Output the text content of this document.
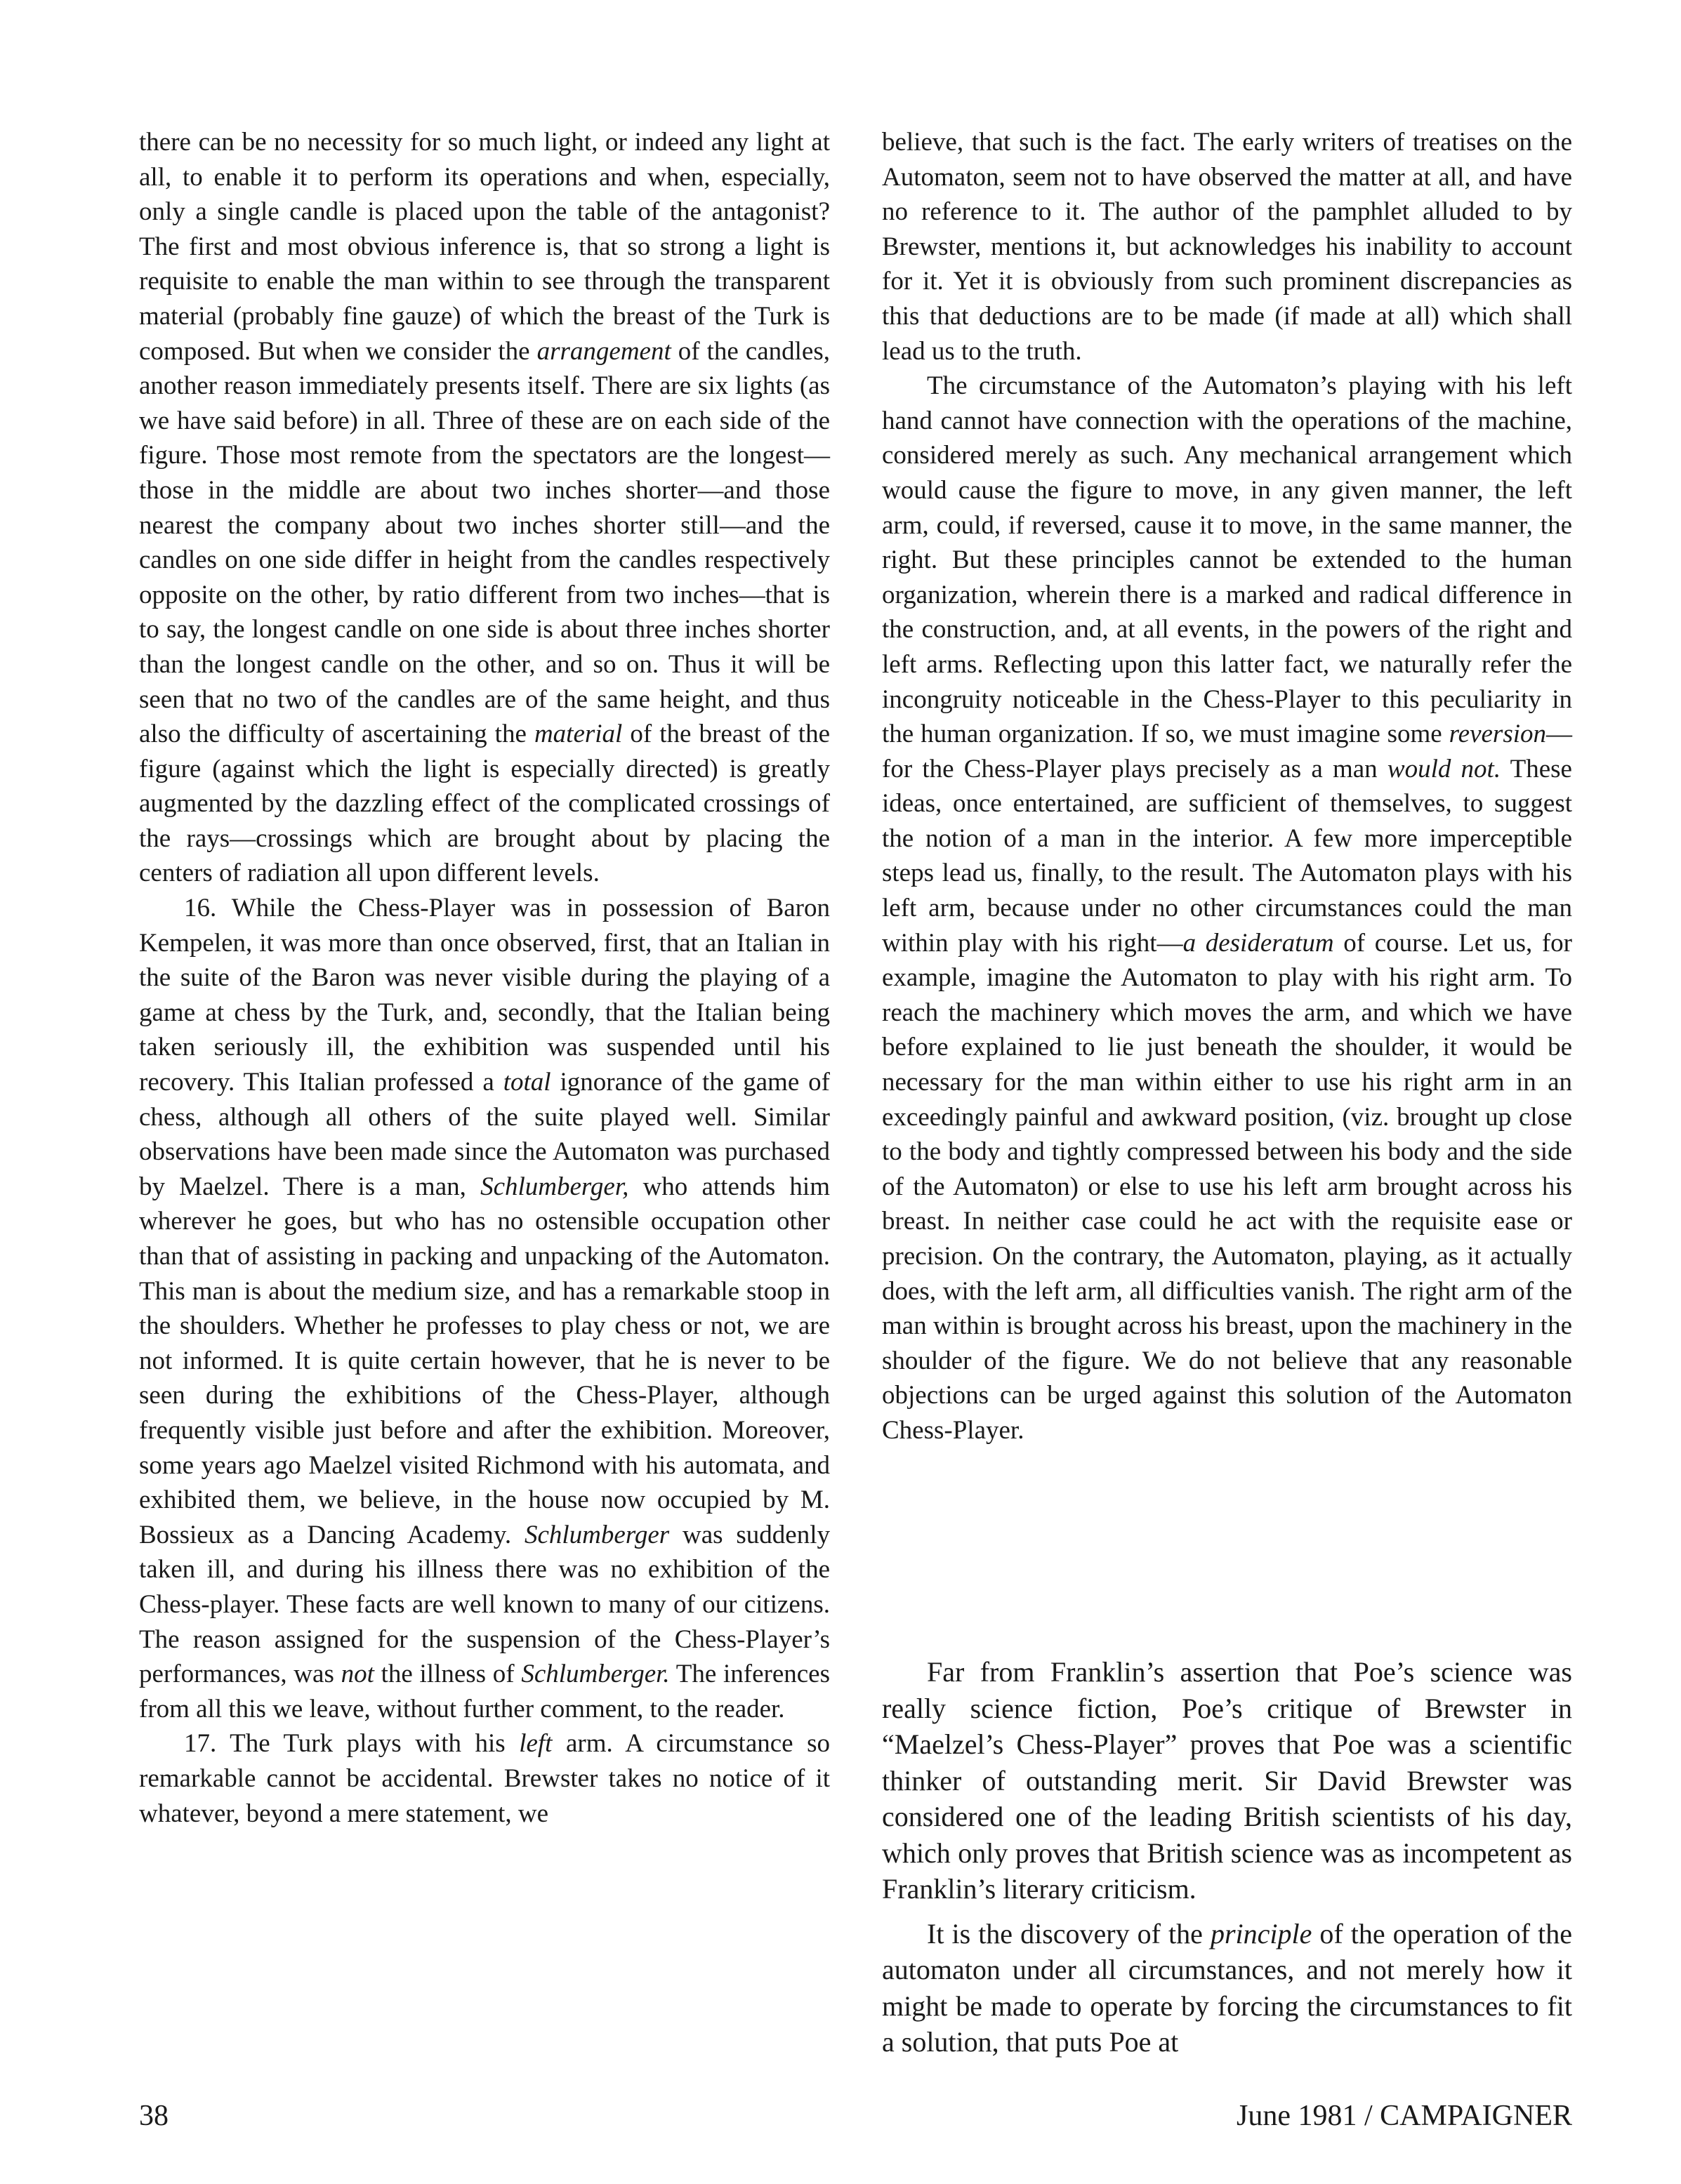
there can be no necessity for so much light, or indeed any light at all, to enable it to perform its operations and when, especially, only a single candle is placed upon the table of the antagonist? The first and most obvious inference is, that so strong a light is requisite to enable the man within to see through the transparent material (probably fine gauze) of which the breast of the Turk is composed. But when we consider the arrangement of the candles, another reason immediately presents itself. There are six lights (as we have said before) in all. Three of these are on each side of the figure. Those most remote from the spectators are the longest—those in the middle are about two inches shorter—and those nearest the company about two inches shorter still—and the candles on one side differ in height from the candles respectively opposite on the other, by ratio different from two inches—that is to say, the longest candle on one side is about three inches shorter than the longest candle on the other, and so on. Thus it will be seen that no two of the candles are of the same height, and thus also the difficulty of ascertaining the material of the breast of the figure (against which the light is especially directed) is greatly augmented by the dazzling effect of the complicated crossings of the rays—crossings which are brought about by placing the centers of radiation all upon different levels.

16. While the Chess-Player was in possession of Baron Kempelen, it was more than once observed, first, that an Italian in the suite of the Baron was never visible during the playing of a game at chess by the Turk, and, secondly, that the Italian being taken seriously ill, the exhibition was suspended until his recovery. This Italian professed a total ignorance of the game of chess, although all others of the suite played well. Similar observations have been made since the Automaton was purchased by Maelzel. There is a man, Schlumberger, who attends him wherever he goes, but who has no ostensible occupation other than that of assisting in packing and unpacking of the Automaton. This man is about the medium size, and has a remarkable stoop in the shoulders. Whether he professes to play chess or not, we are not informed. It is quite certain however, that he is never to be seen during the exhibitions of the Chess-Player, although frequently visible just before and after the exhibition. Moreover, some years ago Maelzel visited Richmond with his automata, and exhibited them, we believe, in the house now occupied by M. Bossieux as a Dancing Academy. Schlumberger was suddenly taken ill, and during his illness there was no exhibition of the Chess-player. These facts are well known to many of our citizens. The reason assigned for the suspension of the Chess-Player’s performances, was not the illness of Schlumberger. The inferences from all this we leave, without further comment, to the reader.

17. The Turk plays with his left arm. A circumstance so remarkable cannot be accidental. Brewster takes no notice of it whatever, beyond a mere statement, we

believe, that such is the fact. The early writers of treatises on the Automaton, seem not to have observed the matter at all, and have no reference to it. The author of the pamphlet alluded to by Brewster, mentions it, but acknowledges his inability to account for it. Yet it is obviously from such prominent discrepancies as this that deductions are to be made (if made at all) which shall lead us to the truth.

The circumstance of the Automaton’s playing with his left hand cannot have connection with the operations of the machine, considered merely as such. Any mechanical arrangement which would cause the figure to move, in any given manner, the left arm, could, if reversed, cause it to move, in the same manner, the right. But these principles cannot be extended to the human organization, wherein there is a marked and radical difference in the construction, and, at all events, in the powers of the right and left arms. Reflecting upon this latter fact, we naturally refer the incongruity noticeable in the Chess-Player to this peculiarity in the human organization. If so, we must imagine some reversion—for the Chess-Player plays precisely as a man would not. These ideas, once entertained, are sufficient of themselves, to suggest the notion of a man in the interior. A few more imperceptible steps lead us, finally, to the result. The Automaton plays with his left arm, because under no other circumstances could the man within play with his right—a desideratum of course. Let us, for example, imagine the Automaton to play with his right arm. To reach the machinery which moves the arm, and which we have before explained to lie just beneath the shoulder, it would be necessary for the man within either to use his right arm in an exceedingly painful and awkward position, (viz. brought up close to the body and tightly compressed between his body and the side of the Automaton) or else to use his left arm brought across his breast. In neither case could he act with the requisite ease or precision. On the contrary, the Automaton, playing, as it actually does, with the left arm, all difficulties vanish. The right arm of the man within is brought across his breast, upon the machinery in the shoulder of the figure. We do not believe that any reasonable objections can be urged against this solution of the Automaton Chess-Player.

Far from Franklin’s assertion that Poe’s science was really science fiction, Poe’s critique of Brewster in “Maelzel’s Chess-Player” proves that Poe was a scientific thinker of outstanding merit. Sir David Brewster was considered one of the leading British scientists of his day, which only proves that British science was as incompetent as Franklin’s literary criticism.

It is the discovery of the principle of the operation of the automaton under all circumstances, and not merely how it might be made to operate by forcing the circumstances to fit a solution, that puts Poe at

38	June 1981 / CAMPAIGNER
